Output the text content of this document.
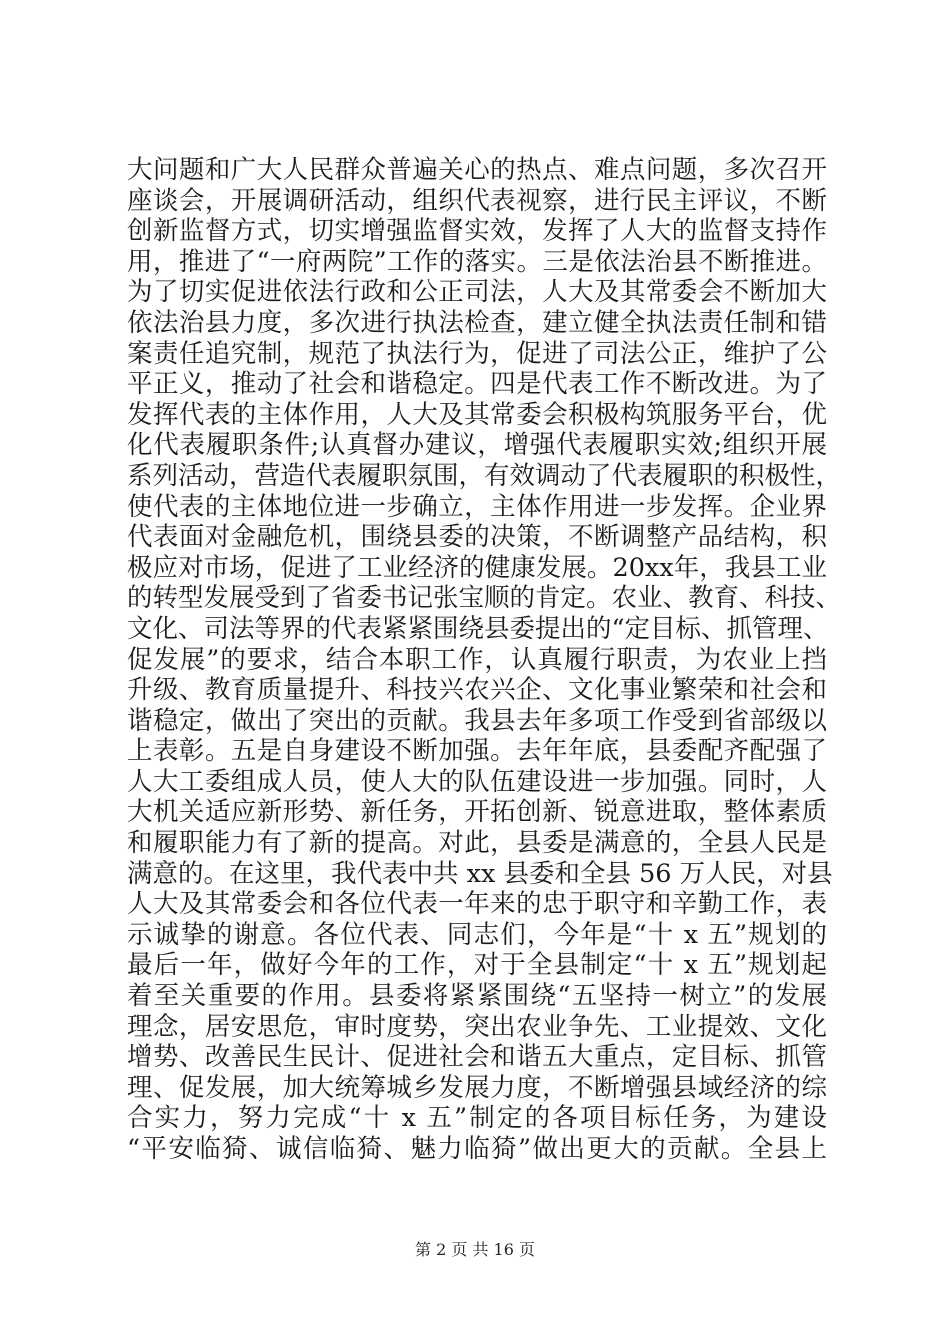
大问题和广大人民群众普遍关心的热点、难点问题，多次召开
座谈会，开展调研活动，组织代表视察，进行民主评议，不断
创新监督方式，切实增强监督实效，发挥了人大的监督支持作
用，推进了“一府两院”工作的落实。三是依法治县不断推进。
为了切实促进依法行政和公正司法，人大及其常委会不断加大
依法治县力度，多次进行执法检查，建立健全执法责任制和错
案责任追究制，规范了执法行为，促进了司法公正，维护了公
平正义，推动了社会和谐稳定。四是代表工作不断改进。为了
发挥代表的主体作用，人大及其常委会积极构筑服务平台，优
化代表履职条件;认真督办建议，增强代表履职实效;组织开展
系列活动，营造代表履职氛围，有效调动了代表履职的积极性，
使代表的主体地位进一步确立，主体作用进一步发挥。企业界
代表面对金融危机，围绕县委的决策，不断调整产品结构，积
极应对市场，促进了工业经济的健康发展。20xx年，我县工业
的转型发展受到了省委书记张宝顺的肯定。农业、教育、科技、
文化、司法等界的代表紧紧围绕县委提出的“定目标、抓管理、
促发展”的要求，结合本职工作，认真履行职责，为农业上挡
升级、教育质量提升、科技兴农兴企、文化事业繁荣和社会和
谐稳定，做出了突出的贡献。我县去年多项工作受到省部级以
上表彰。五是自身建设不断加强。去年年底，县委配齐配强了
人大工委组成人员，使人大的队伍建设进一步加强。同时，人
大机关适应新形势、新任务，开拓创新、锐意进取，整体素质
和履职能力有了新的提高。对此，县委是满意的，全县人民是
满意的。在这里，我代表中共 xx 县委和全县 56 万人民，对县
人大及其常委会和各位代表一年来的忠于职守和辛勤工作，表
示诚挚的谢意。各位代表、同志们，今年是“十 x 五”规划的
最后一年，做好今年的工作，对于全县制定“十 x 五”规划起
着至关重要的作用。县委将紧紧围绕“五坚持一树立”的发展
理念，居安思危，审时度势，突出农业争先、工业提效、文化
增势、改善民生民计、促进社会和谐五大重点，定目标、抓管
理、促发展，加大统筹城乡发展力度，不断增强县域经济的综
合实力，努力完成“十 x 五”制定的各项目标任务，为建设
“平安临猗、诚信临猗、魅力临猗”做出更大的贡献。全县上
第 2 页 共 16 页
